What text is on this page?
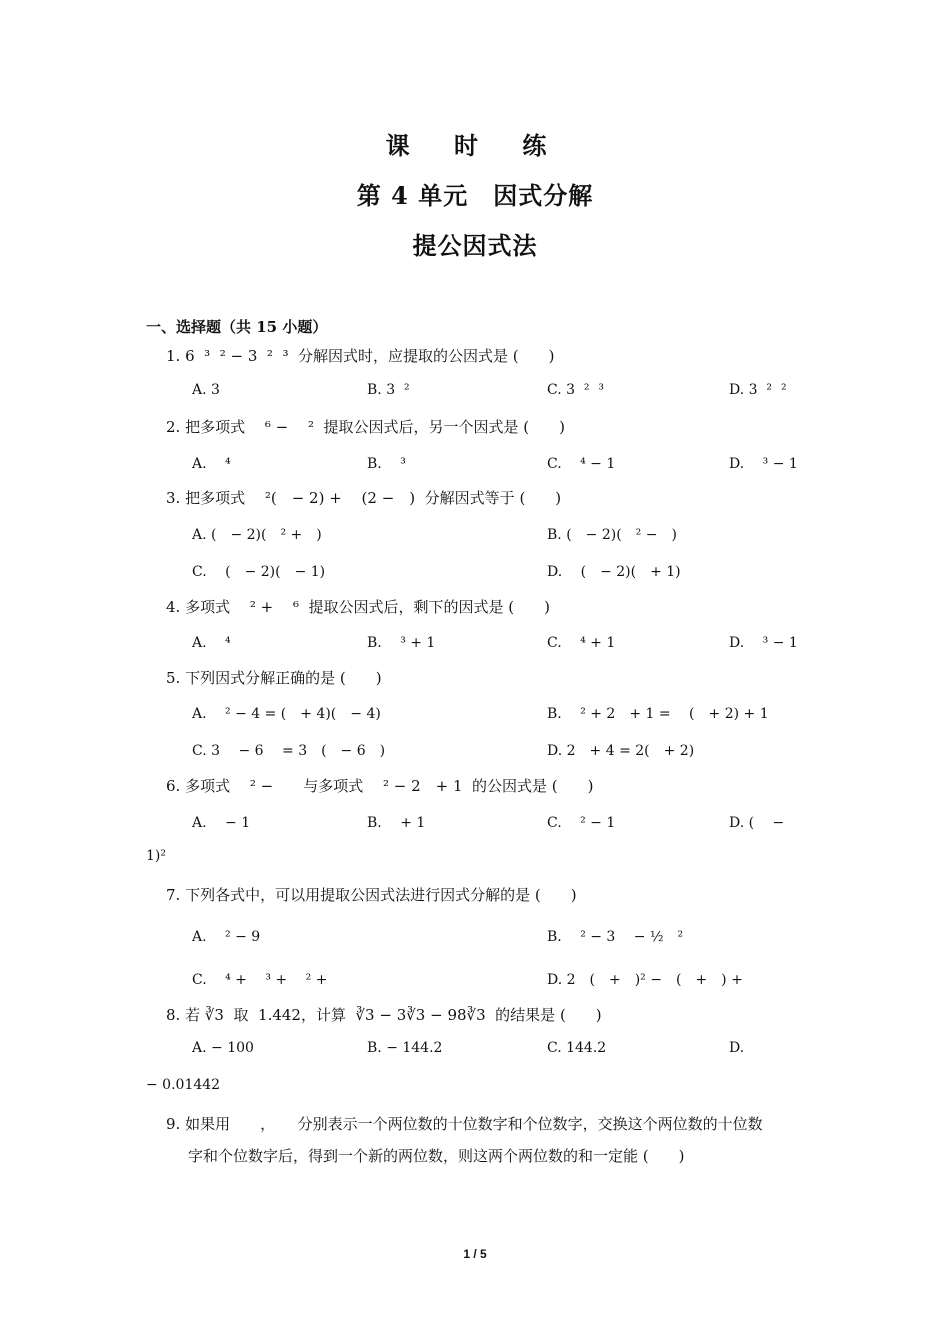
课 时 练
第 4 单元　因式分解
提公因式法
一、选择题（共 15 小题）
1. 6  ³  ² − 3  ²  ³  分解因式时，应提取的公因式是 (　　)
A. 3	B. 3  ²	C. 3  ²  ³	D. 3  ²  ²
2. 把多项式　 ⁶ −　 ²  提取公因式后，另一个因式是 (　　)
A.　 ⁴	B.　 ³	C.　 ⁴ − 1	D.　 ³ − 1
3. 把多项式　 ²(　− 2) +　 (2 −　)  分解因式等于 (　　)
A. (　− 2)(　² +　)	B. (　− 2)(　² −　)
C.　 (　− 2)(　− 1)	D.　 (　− 2)(　+ 1)
4. 多项式　 ² +　 ⁶  提取公因式后，剩下的因式是 (　　)
A.　 ⁴	B.　 ³ + 1	C.　 ⁴ + 1	D.　 ³ − 1
5. 下列因式分解正确的是 (　　)
A.　 ² − 4 = (　+ 4)(　− 4)	B.　 ² + 2　+ 1 =　 (　+ 2) + 1
C. 3　 − 6　 = 3　(　− 6　)	D. 2　+ 4 = 2(　+ 2)
6. 多项式　 ² −　　与多项式　 ² − 2　+ 1  的公因式是 (　　)
A.　 − 1	B.　 + 1	C.　 ² − 1	D. (　 −
1)²
7. 下列各式中，可以用提取公因式法进行因式分解的是 (　　)
A.　 ² − 9	B.　 ² − 3　 − ½　²
C.　 ⁴ +　 ³ +　 ² +	D. 2　(　+　)² −　(　+　) +
8. 若 ∛3  取  1.442，计算  ∛3 − 3∛3 − 98∛3  的结果是 (　　)
A. − 100	B. − 144.2	C. 144.2	D.
− 0.01442
9. 如果用　　，　　分别表示一个两位数的十位数字和个位数字，交换这个两位数的十位数
字和个位数字后，得到一个新的两位数，则这两个两位数的和一定能 (　　)
1 / 5
